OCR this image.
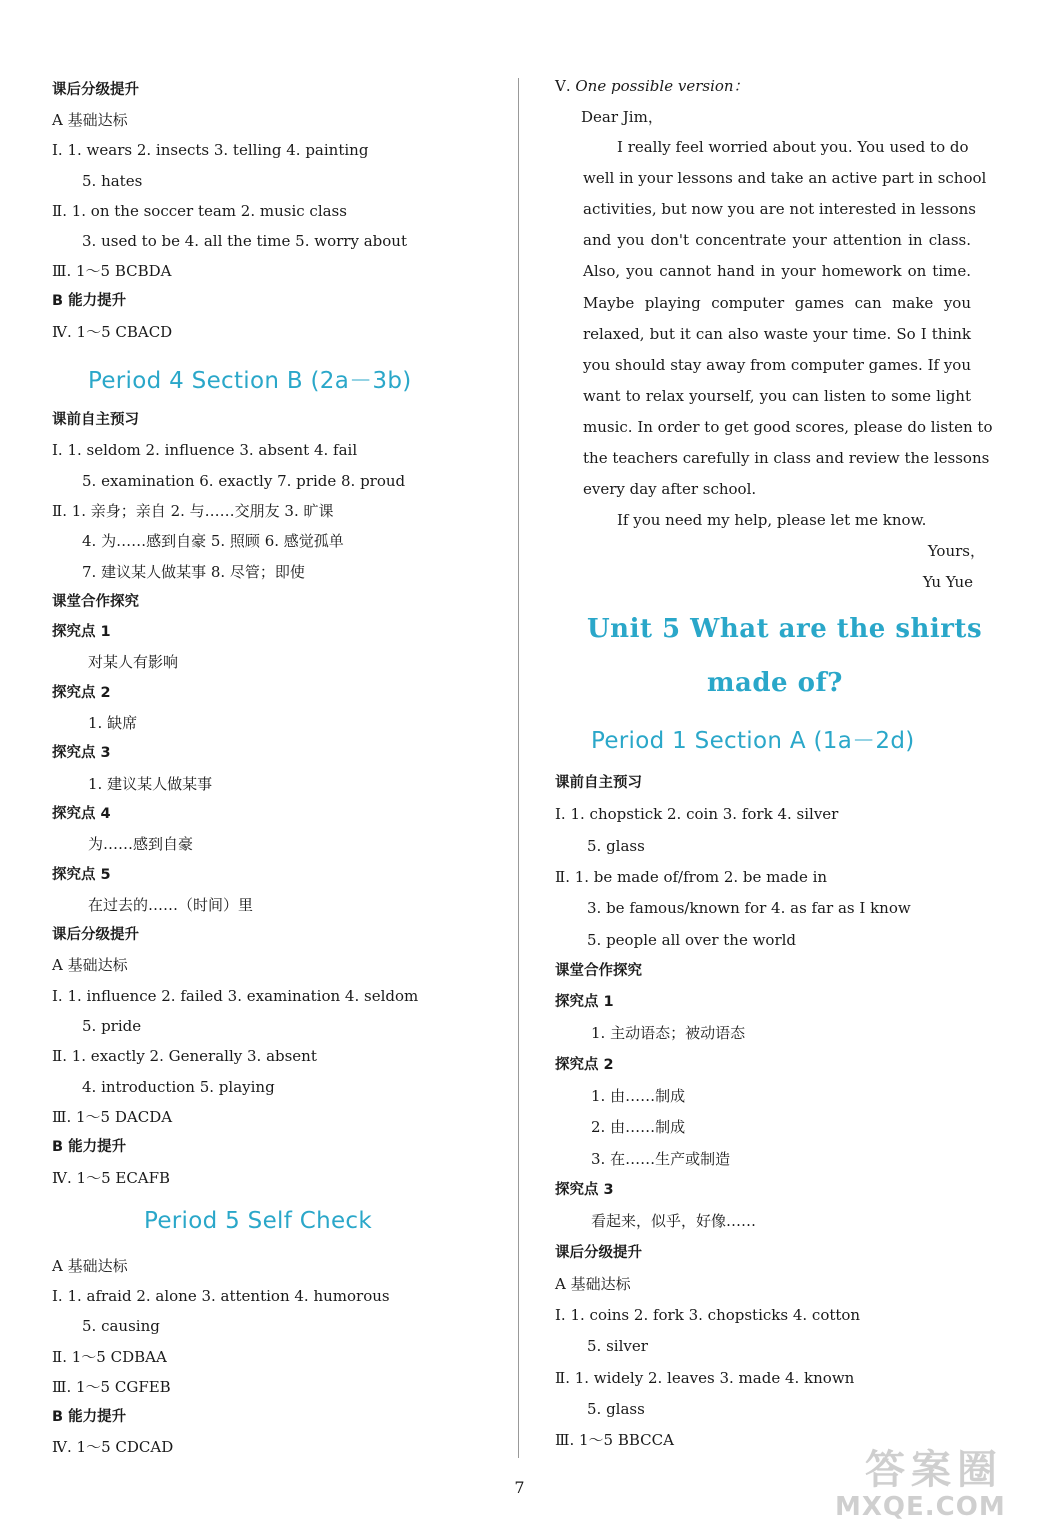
课后分级提升
A 基础达标
Ⅰ. 1. wears 2. insects 3. telling 4. painting
5. hates
Ⅱ. 1. on the soccer team 2. music class
3. used to be 4. all the time 5. worry about
Ⅲ. 1～5 BCBDA
B 能力提升
Ⅳ. 1～5 CBACD
Period 4 Section B (2a－3b)
课前自主预习
Ⅰ. 1. seldom 2. influence 3. absent 4. fail
5. examination 6. exactly 7. pride 8. proud
Ⅱ. 1. 亲身；亲自 2. 与……交朋友 3. 旷课
4. 为……感到自豪 5. 照顾 6. 感觉孤单
7. 建议某人做某事 8. 尽管；即使
课堂合作探究
探究点 1
对某人有影响
探究点 2
1. 缺席
探究点 3
1. 建议某人做某事
探究点 4
为……感到自豪
探究点 5
在过去的……（时间）里
课后分级提升
A 基础达标
Ⅰ. 1. influence 2. failed 3. examination 4. seldom
5. pride
Ⅱ. 1. exactly 2. Generally 3. absent
4. introduction 5. playing
Ⅲ. 1～5 DACDA
B 能力提升
Ⅳ. 1～5 ECAFB
Period 5 Self Check
A 基础达标
Ⅰ. 1. afraid 2. alone 3. attention 4. humorous
5. causing
Ⅱ. 1～5 CDBAA
Ⅲ. 1～5 CGFEB
B 能力提升
Ⅳ. 1～5 CDCAD
Ⅴ. One possible version：
Dear Jim，
I really feel worried about you. You used to do
well in your lessons and take an active part in school
activities, but now you are not interested in lessons
and you don't concentrate your attention in class.
Also, you cannot hand in your homework on time.
Maybe playing computer games can make you
relaxed, but it can also waste your time. So I think
you should stay away from computer games. If you
want to relax yourself, you can listen to some light
music. In order to get good scores, please do listen to
the teachers carefully in class and review the lessons
every day after school.
If you need my help, please let me know.
Yours，
Yu Yue
Unit 5 What are the shirts
made of?
Period 1 Section A (1a－2d)
课前自主预习
Ⅰ. 1. chopstick 2. coin 3. fork 4. silver
5. glass
Ⅱ. 1. be made of/from 2. be made in
3. be famous/known for 4. as far as I know
5. people all over the world
课堂合作探究
探究点 1
1. 主动语态；被动语态
探究点 2
1. 由……制成
2. 由……制成
3. 在……生产或制造
探究点 3
看起来，似乎，好像……
课后分级提升
A 基础达标
Ⅰ. 1. coins 2. fork 3. chopsticks 4. cotton
5. silver
Ⅱ. 1. widely 2. leaves 3. made 4. known
5. glass
Ⅲ. 1～5 BBCCA
7	答案圈
MXQE.COM
